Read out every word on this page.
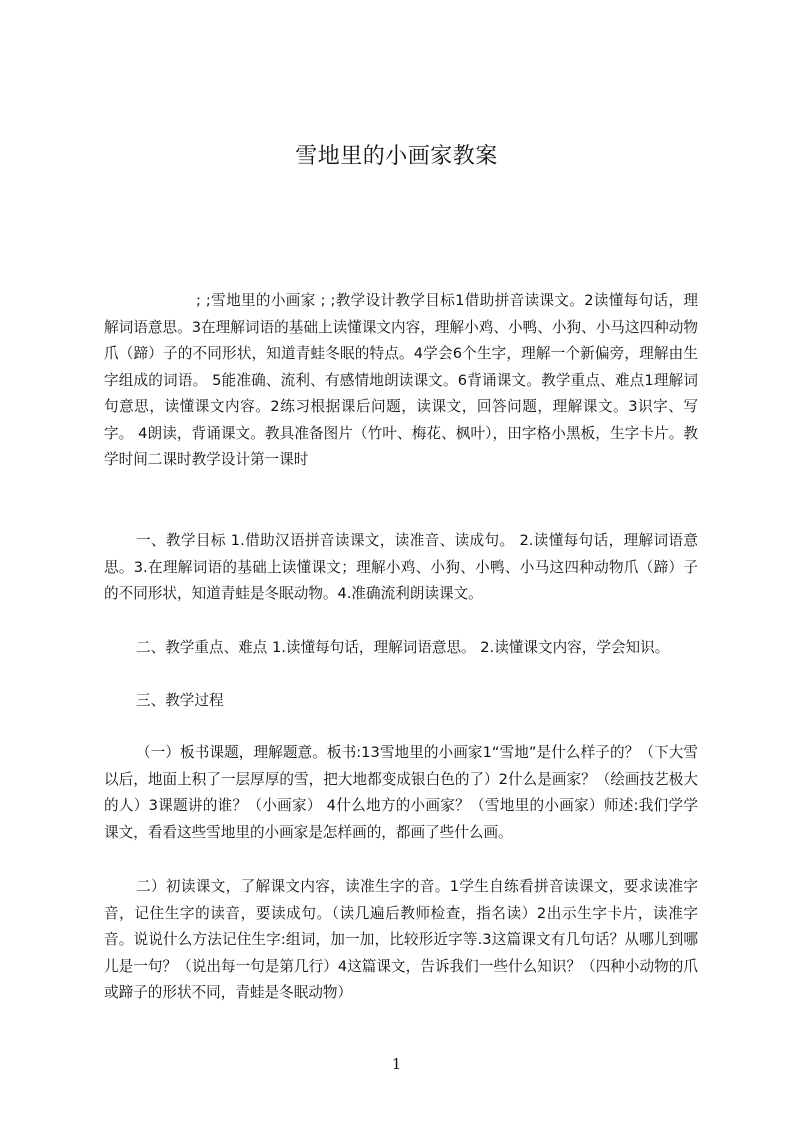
雪地里的小画家教案
; ;雪地里的小画家 ; ;教学设计教学目标1借助拼音读课文。2读懂每句话，理解词语意思。3在理解词语的基础上读懂课文内容，理解小鸡、小鸭、小狗、小马这四种动物爪（蹄）子的不同形状，知道青蛙冬眠的特点。4学会6个生字，理解一个新偏旁，理解由生字组成的词语。 5能准确、流利、有感情地朗读课文。6背诵课文。教学重点、难点1理解词句意思，读懂课文内容。2练习根据课后问题，读课文，回答问题，理解课文。3识字、写字。 4朗读，背诵课文。教具准备图片（竹叶、梅花、枫叶），田字格小黑板，生字卡片。教学时间二课时教学设计第一课时
一、教学目标 1.借助汉语拼音读课文，读准音、读成句。 2.读懂每句话，理解词语意思。3.在理解词语的基础上读懂课文；理解小鸡、小狗、小鸭、小马这四种动物爪（蹄）子的不同形状，知道青蛙是冬眠动物。4.准确流利朗读课文。
二、教学重点、难点 1.读懂每句话，理解词语意思。 2.读懂课文内容，学会知识。
三、教学过程
（一）板书课题，理解题意。板书:13雪地里的小画家1“雪地”是什么样子的？（下大雪以后，地面上积了一层厚厚的雪，把大地都变成银白色的了）2什么是画家？（绘画技艺极大的人）3课题讲的谁？（小画家） 4什么地方的小画家？（雪地里的小画家）师述:我们学学课文，看看这些雪地里的小画家是怎样画的，都画了些什么画。
二）初读课文，了解课文内容，读准生字的音。1学生自练看拼音读课文，要求读准字音，记住生字的读音，要读成句。（读几遍后教师检查，指名读）2出示生字卡片，读准字音。说说什么方法记住生字:组词，加一加，比较形近字等.3这篇课文有几句话？从哪儿到哪儿是一句？（说出每一句是第几行）4这篇课文，告诉我们一些什么知识？（四种小动物的爪或蹄子的形状不同，青蛙是冬眠动物）
1
